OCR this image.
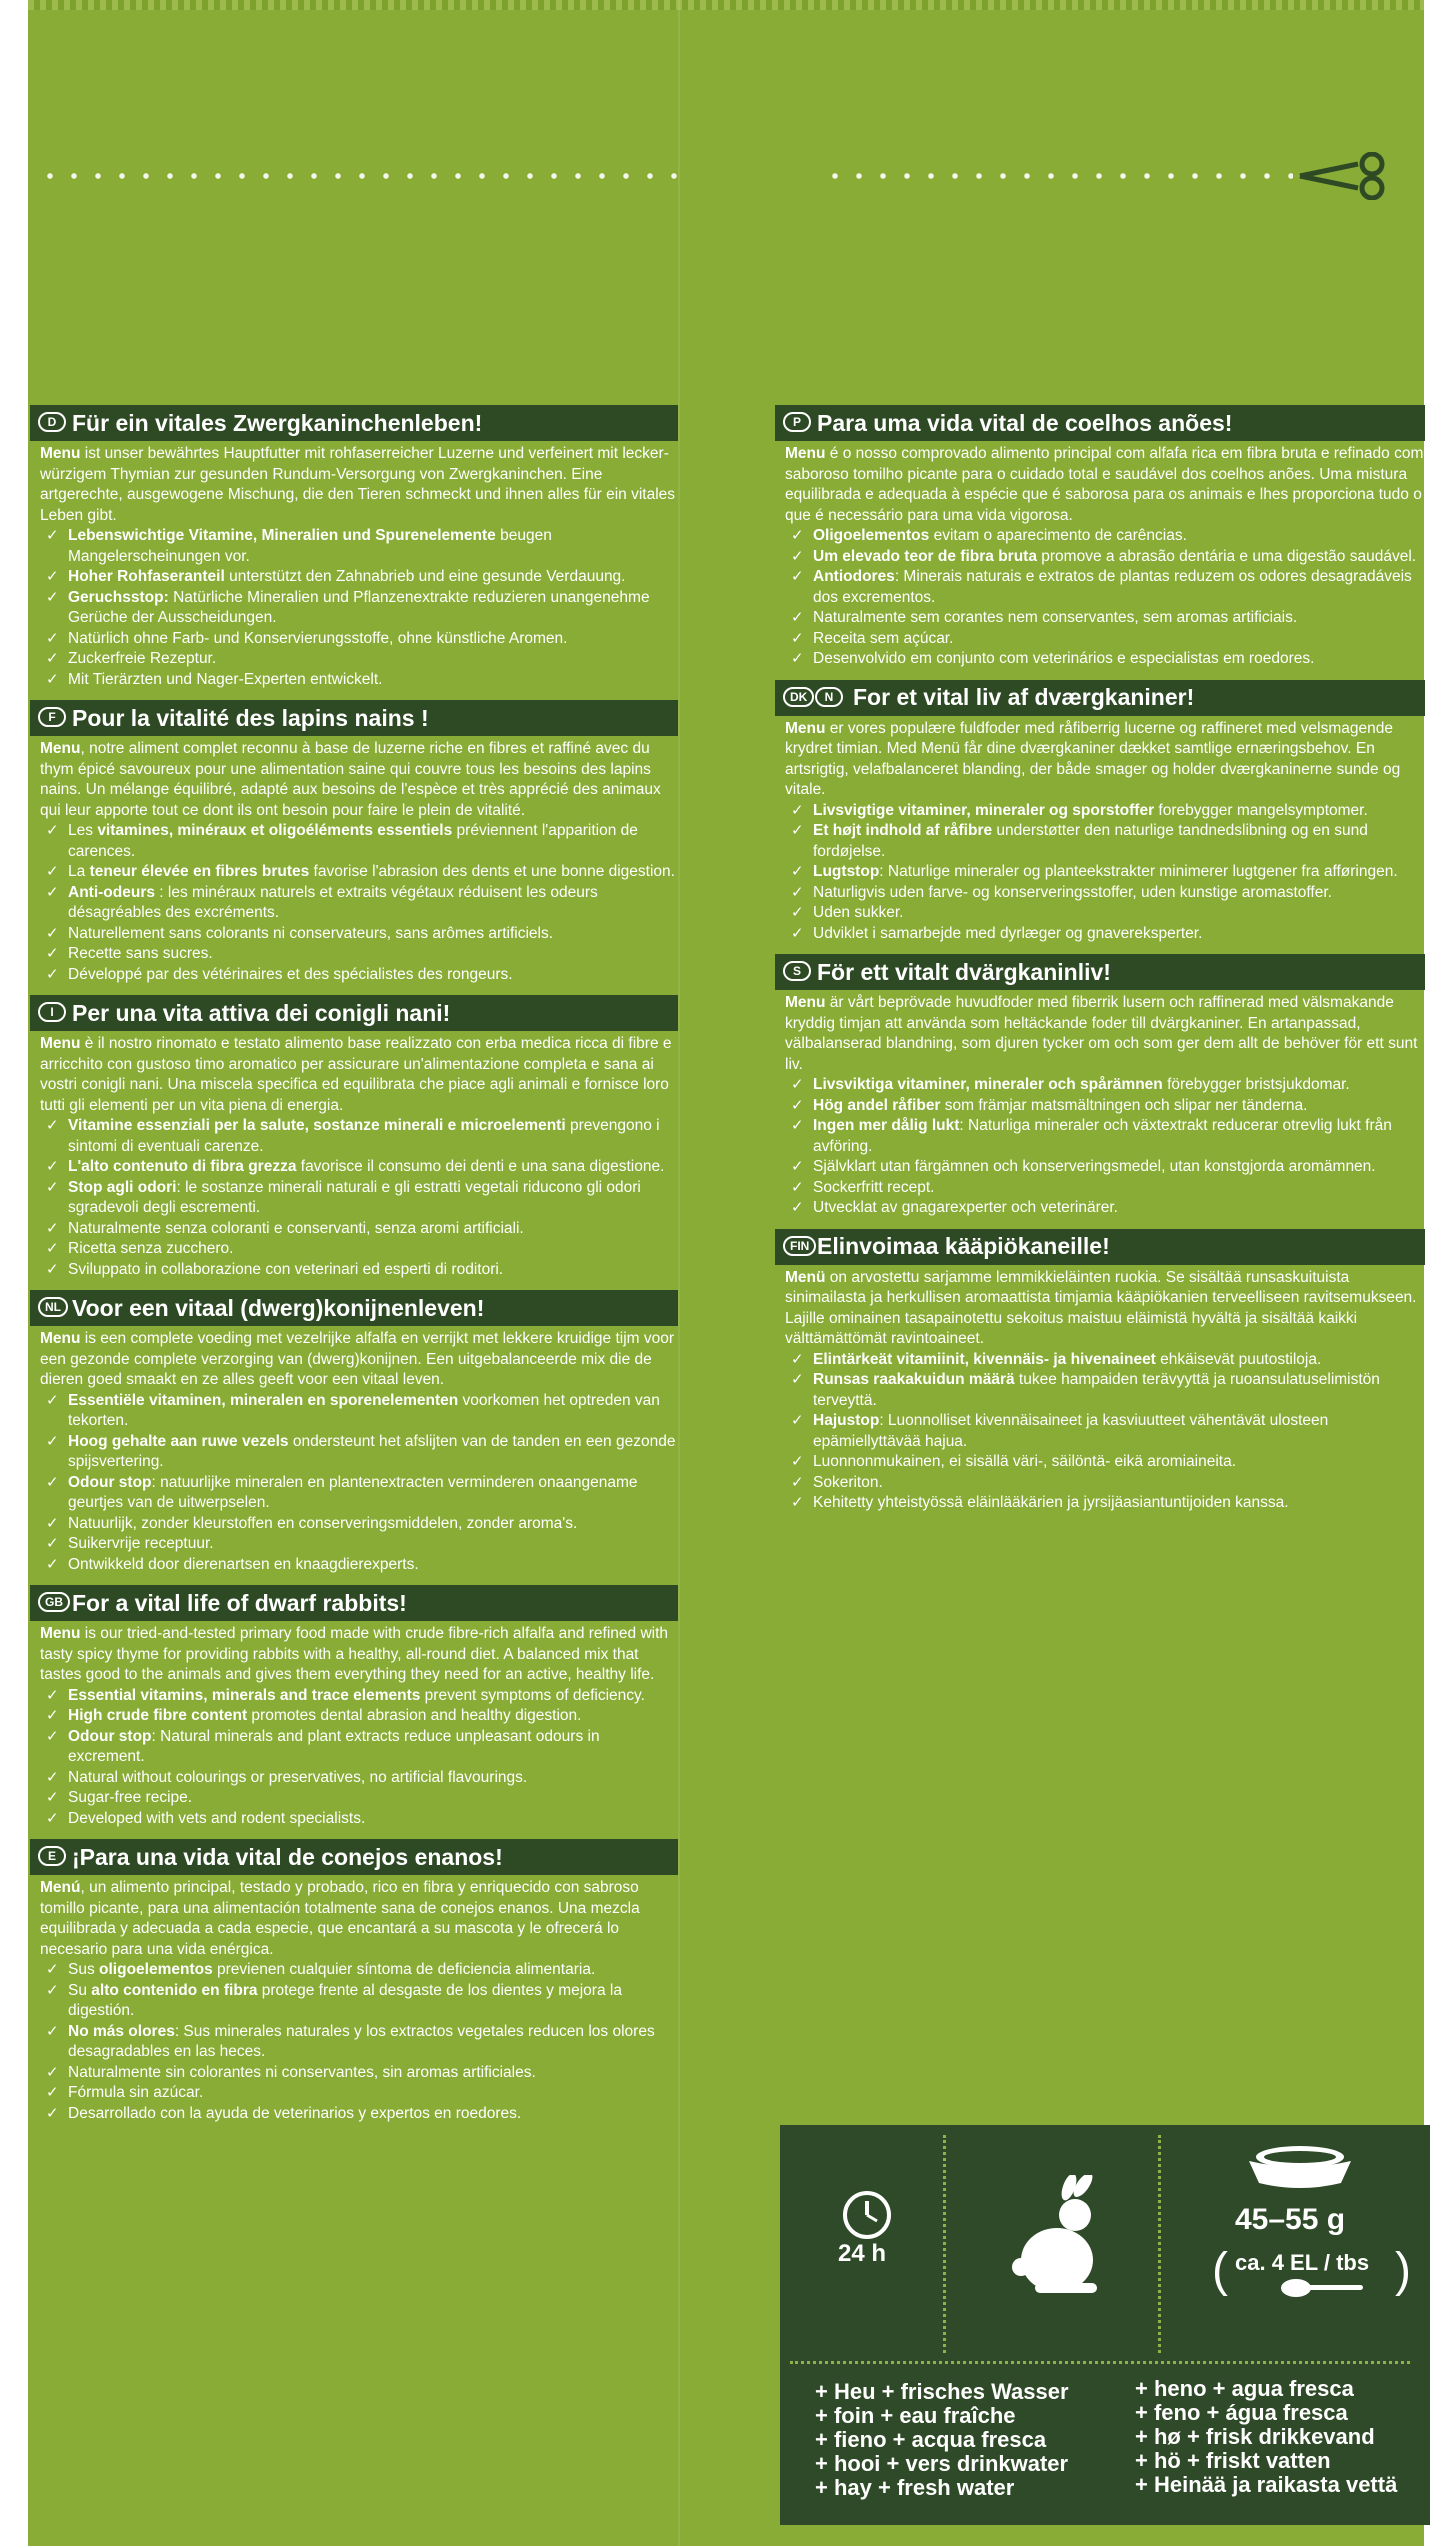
D Für ein vitales Zwergkaninchenleben!

Menu ist unser bewährtes Hauptfutter mit rohfaserreicher Luzerne und verfeinert mit lecker-würzigem Thymian zur gesunden Rundum-Versorgung von Zwergkaninchen. Eine artgerechte, ausgewogene Mischung, die den Tieren schmeckt und ihnen alles für ein vitales Leben gibt.

✓ Lebenswichtige Vitamine, Mineralien und Spurenelemente beugen Mangelerscheinungen vor.
✓ Hoher Rohfaseranteil unterstützt den Zahnabrieb und eine gesunde Verdauung.
✓ Geruchsstop: Natürliche Mineralien und Pflanzenextrakte reduzieren unangenehme Gerüche der Ausscheidungen.
✓ Natürlich ohne Farb- und Konservierungsstoffe, ohne künstliche Aromen.
✓ Zuckerfreie Rezeptur.
✓ Mit Tierärzten und Nager-Experten entwickelt.
F Pour la vitalité des lapins nains !

Menu, notre aliment complet reconnu à base de luzerne riche en fibres et raffiné avec du thym épicé savoureux pour une alimentation saine qui couvre tous les besoins des lapins nains. Un mélange équilibré, adapté aux besoins de l'espèce et très apprécié des animaux qui leur apporte tout ce dont ils ont besoin pour faire le plein de vitalité.

✓ Les vitamines, minéraux et oligoéléments essentiels préviennent l'apparition de carences.
✓ La teneur élevée en fibres brutes favorise l'abrasion des dents et une bonne digestion.
✓ Anti-odeurs : les minéraux naturels et extraits végétaux réduisent les odeurs désagréables des excréments.
✓ Naturellement sans colorants ni conservateurs, sans arômes artificiels.
✓ Recette sans sucres.
✓ Développé par des vétérinaires et des spécialistes des rongeurs.
I Per una vita attiva dei conigli nani!

Menu è il nostro rinomato e testato alimento base realizzato con erba medica ricca di fibre e arricchito con gustoso timo aromatico per assicurare un'alimentazione completa e sana ai vostri conigli nani. Una miscela specifica ed equilibrata che piace agli animali e fornisce loro tutti gli elementi per un vita piena di energia.

✓ Vitamine essenziali per la salute, sostanze minerali e microelementi prevengono i sintomi di eventuali carenze.
✓ L'alto contenuto di fibra grezza favorisce il consumo dei denti e una sana digestione.
✓ Stop agli odori: le sostanze minerali naturali e gli estratti vegetali riducono gli odori sgradevoli degli escrementi.
✓ Naturalmente senza coloranti e conservanti, senza aromi artificiali.
✓ Ricetta senza zucchero.
✓ Sviluppato in collaborazione con veterinari ed esperti di roditori.
NL Voor een vitaal (dwerg)konijnenleven!

Menu is een complete voeding met vezelrijke alfalfa en verrijkt met lekkere kruidige tijm voor een gezonde complete verzorging van (dwerg)konijnen. Een uitgebalanceerde mix die de dieren goed smaakt en ze alles geeft voor een vitaal leven.

✓ Essentiële vitaminen, mineralen en sporenelementen voorkomen het optreden van tekorten.
✓ Hoog gehalte aan ruwe vezels ondersteunt het afslijten van de tanden en een gezonde spijsvertering.
✓ Odour stop: natuurlijke mineralen en plantenextracten verminderen onaangename geurtjes van de uitwerpselen.
✓ Natuurlijk, zonder kleurstoffen en conserveringsmiddelen, zonder aroma's.
✓ Suikervrije receptuur.
✓ Ontwikkeld door dierenartsen en knaagdierexperts.
GB For a vital life of dwarf rabbits!

Menu is our tried-and-tested primary food made with crude fibre-rich alfalfa and refined with tasty spicy thyme for providing rabbits with a healthy, all-round diet. A balanced mix that tastes good to the animals and gives them everything they need for an active, healthy life.

✓ Essential vitamins, minerals and trace elements prevent symptoms of deficiency.
✓ High crude fibre content promotes dental abrasion and healthy digestion.
✓ Odour stop: Natural minerals and plant extracts reduce unpleasant odours in excrement.
✓ Natural without colourings or preservatives, no artificial flavourings.
✓ Sugar-free recipe.
✓ Developed with vets and rodent specialists.
E ¡Para una vida vital de conejos enanos!

Menú, un alimento principal, testado y probado, rico en fibra y enriquecido con sabroso tomillo picante, para una alimentación totalmente sana de conejos enanos. Una mezcla equilibrada y adecuada a cada especie, que encantará a su mascota y le ofrecerá lo necesario para una vida enérgica.

✓ Sus oligoelementos previenen cualquier síntoma de deficiencia alimentaria.
✓ Su alto contenido en fibra protege frente al desgaste de los dientes y mejora la digestión.
✓ No más olores: Sus minerales naturales y los extractos vegetales reducen los olores desagradables en las heces.
✓ Naturalmente sin colorantes ni conservantes, sin aromas artificiales.
✓ Fórmula sin azúcar.
✓ Desarrollado con la ayuda de veterinarios y expertos en roedores.
P Para uma vida vital de coelhos anões!

Menu é o nosso comprovado alimento principal com alfafa rica em fibra bruta e refinado com saboroso tomilho picante para o cuidado total e saudável dos coelhos anões. Uma mistura equilibrada e adequada à espécie que é saborosa para os animais e lhes proporciona tudo o que é necessário para uma vida vigorosa.

✓ Oligoelementos evitam o aparecimento de carências.
✓ Um elevado teor de fibra bruta promove a abrasão dentária e uma digestão saudável.
✓ Antiodores: Minerais naturais e extratos de plantas reduzem os odores desagradáveis dos excrementos.
✓ Naturalmente sem corantes nem conservantes, sem aromas artificiais.
✓ Receita sem açúcar.
✓ Desenvolvido em conjunto com veterinários e especialistas em roedores.
DK	N For et vital liv af dværgkaniner!

Menu er vores populære fuldfoder med råfiberrig lucerne og raffineret med velsmagende krydret timian. Med Menü får dine dværgkaniner dækket samtlige ernæringsbehov. En artsrigtig, velafbalanceret blanding, der både smager og holder dværgkaninerne sunde og vitale.

✓ Livsvigtige vitaminer, mineraler og sporstoffer forebygger mangelsymptomer.
✓ Et højt indhold af råfibre understøtter den naturlige tandnedslibning og en sund fordøjelse.
✓ Lugtstop: Naturlige mineraler og planteekstrakter minimerer lugtgener fra afføringen.
✓ Naturligvis uden farve- og konserveringsstoffer, uden kunstige aromastoffer.
✓ Uden sukker.
✓ Udviklet i samarbejde med dyrlæger og gnavereksperter.
S För ett vitalt dvärgkaninliv!

Menu är vårt beprövade huvudfoder med fiberrik lusern och raffinerad med välsmakande kryddig timjan att använda som heltäckande foder till dvärgkaniner. En artanpassad, välbalanserad blandning, som djuren tycker om och som ger dem allt de behöver för ett sunt liv.

✓ Livsviktiga vitaminer, mineraler och spårämnen förebygger bristsjukdomar.
✓ Hög andel råfiber som främjar matsmältningen och slipar ner tänderna.
✓ Ingen mer dålig lukt: Naturliga mineraler och växtextrakt reducerar otrevlig lukt från avföring.
✓ Självklart utan färgämnen och konserveringsmedel, utan konstgjorda aromämnen.
✓ Sockerfritt recept.
✓ Utvecklat av gnagarexperter och veterinärer.
FIN Elinvoimaa kääpiökaneille!

Menü on arvostettu sarjamme lemmikkieläinten ruokia. Se sisältää runsaskuituista sinimailasta ja herkullisen aromaattista timjamia kääpiökanien terveelliseen ravitsemukseen. Lajille ominainen tasapainotettu sekoitus maistuu eläimistä hyvältä ja sisältää kaikki välttämättömät ravintoaineet.

✓ Elintärkeät vitamiinit, kivennäis- ja hivenaineet ehkäisevät puutostiloja.
✓ Runsas raakakuidun määrä tukee hampaiden terävyyttä ja ruoansulatuselimistön terveyttä.
✓ Hajustop: Luonnolliset kivennäisaineet ja kasviuutteet vähentävät ulosteen epämiellyttävää hajua.
✓ Luonnonmukainen, ei sisällä väri-, säilöntä- eikä aromiaineita.
✓ Sokeriton.
✓ Kehitetty yhteistyössä eläinlääkärien ja jyrsijäasiantuntijoiden kanssa.
24 h
45–55 g
( ca. 4 EL / tbs )
+ Heu + frisches Wasser
+ foin + eau fraîche
+ fieno + acqua fresca
+ hooi + vers drinkwater
+ hay + fresh water
+ heno + agua fresca
+ feno + água fresca
+ hø + frisk drikkevand
+ hö + friskt vatten
+ Heinää ja raikasta vettä
